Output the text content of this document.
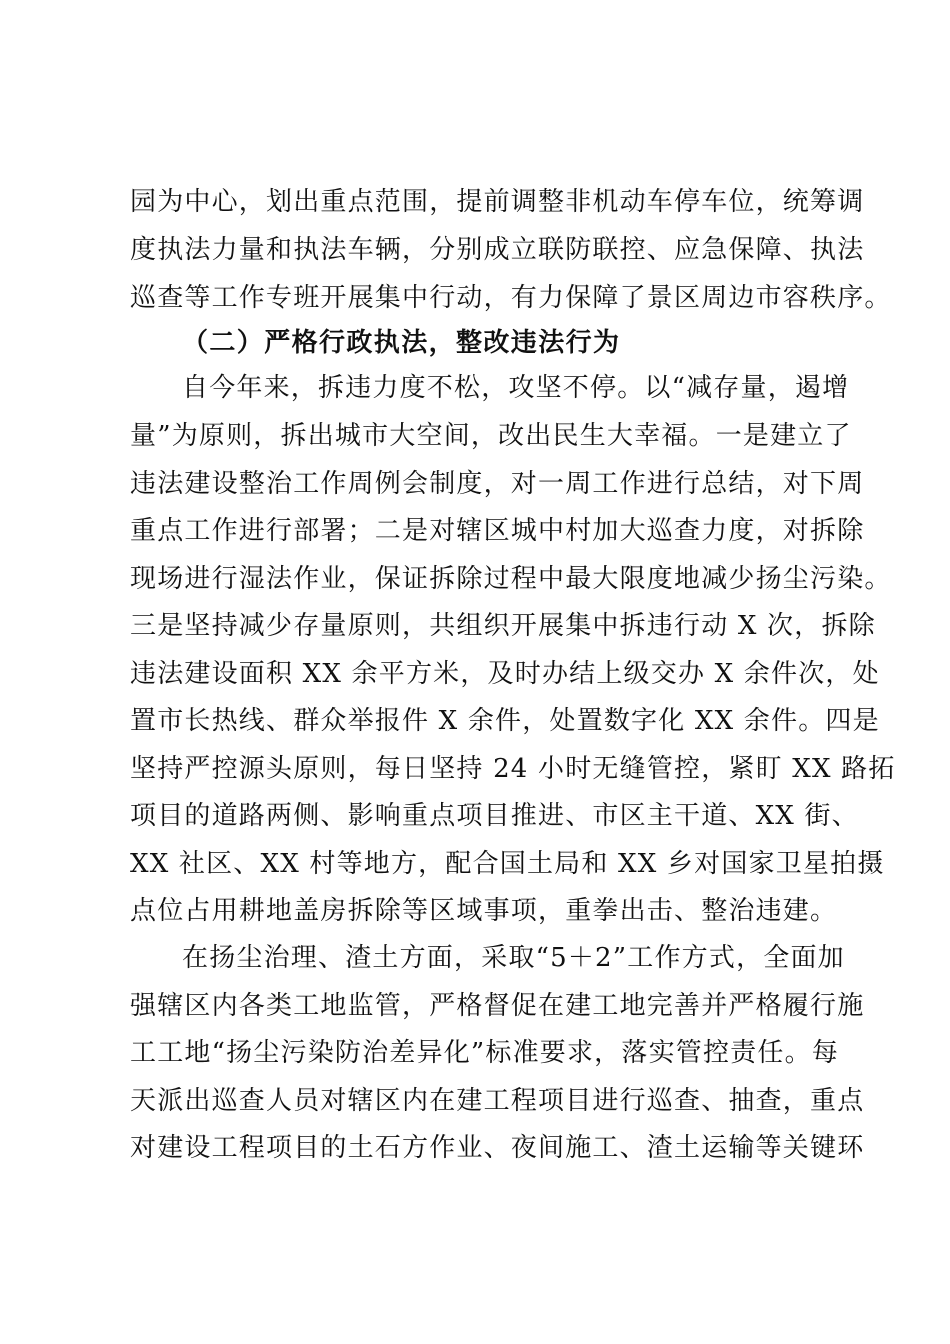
园为中心，划出重点范围，提前调整非机动车停车位，统筹调
度执法力量和执法车辆，分别成立联防联控、应急保障、执法
巡查等工作专班开展集中行动，有力保障了景区周边市容秩序。
（二）严格行政执法，整改违法行为
自今年来，拆违力度不松，攻坚不停。以“减存量，遏增
量”为原则，拆出城市大空间，改出民生大幸福。一是建立了
违法建设整治工作周例会制度，对一周工作进行总结，对下周
重点工作进行部署；二是对辖区城中村加大巡查力度，对拆除
现场进行湿法作业，保证拆除过程中最大限度地减少扬尘污染。
三是坚持减少存量原则，共组织开展集中拆违行动 X 次，拆除
违法建设面积 XX 余平方米，及时办结上级交办 X 余件次，处
置市长热线、群众举报件 X 余件，处置数字化 XX 余件。四是
坚持严控源头原则，每日坚持 24 小时无缝管控，紧盯 XX 路拓
项目的道路两侧、影响重点项目推进、市区主干道、XX 街、
XX 社区、XX 村等地方，配合国土局和 XX 乡对国家卫星拍摄
点位占用耕地盖房拆除等区域事项，重拳出击、整治违建。
在扬尘治理、渣土方面，采取“5＋2”工作方式，全面加
强辖区内各类工地监管，严格督促在建工地完善并严格履行施
工工地“扬尘污染防治差异化”标准要求，落实管控责任。每
天派出巡查人员对辖区内在建工程项目进行巡查、抽查，重点
对建设工程项目的土石方作业、夜间施工、渣土运输等关键环
